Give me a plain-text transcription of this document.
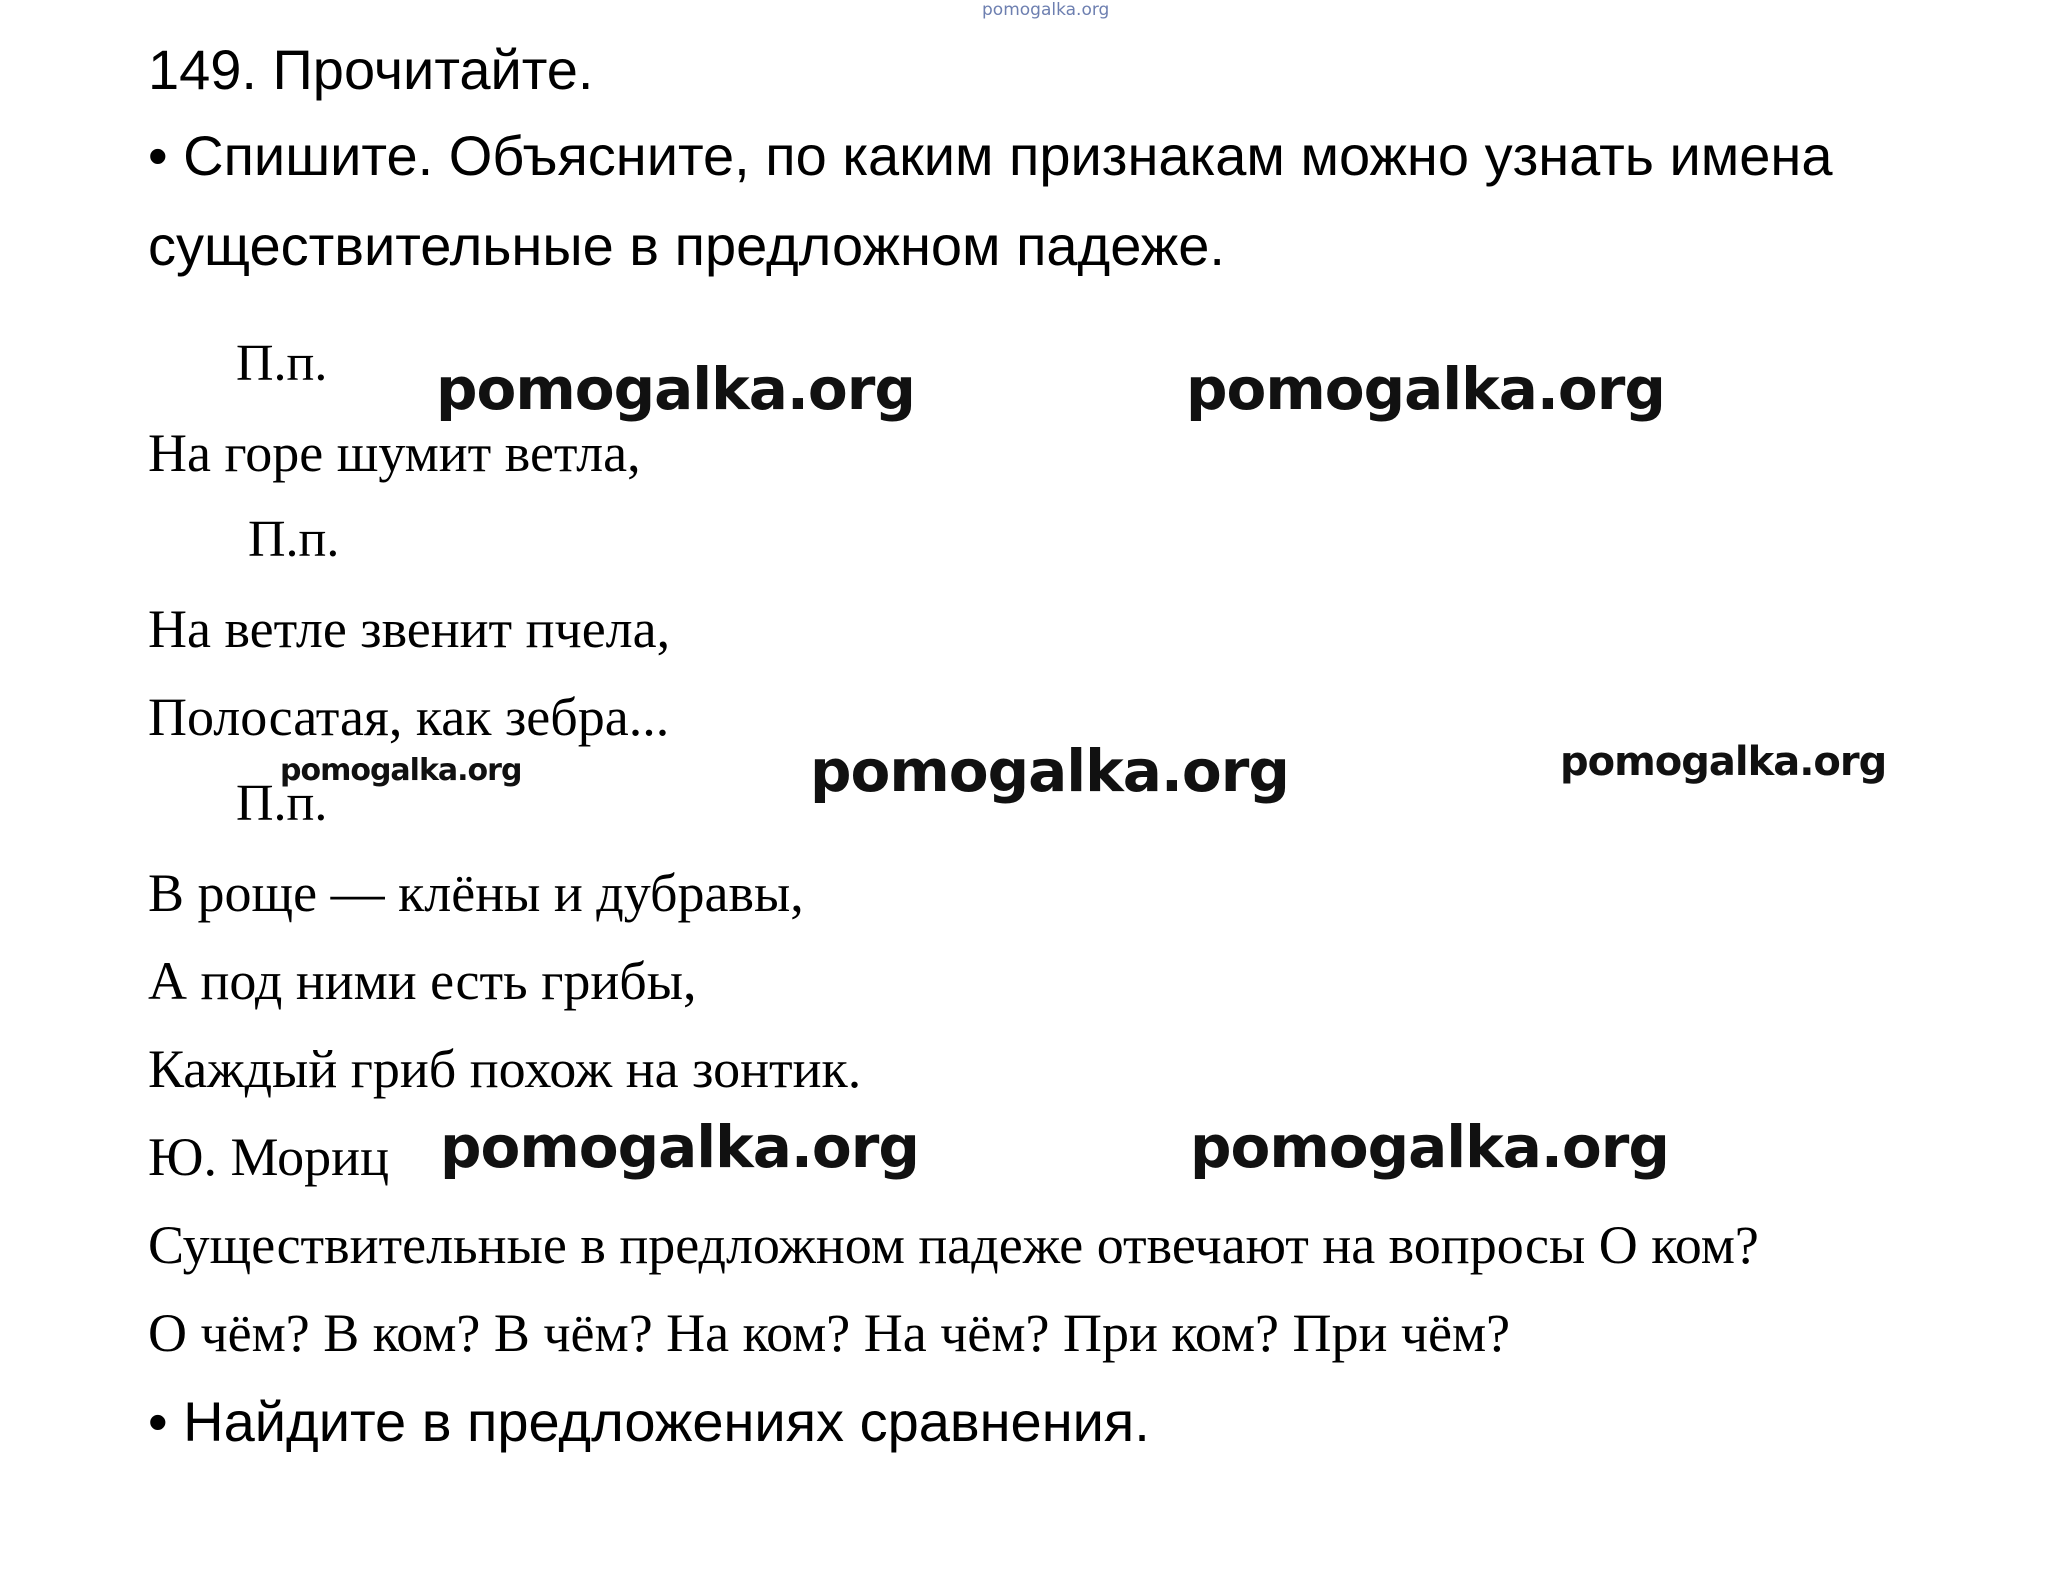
pomogalka.org
149. Прочитайте.
• Спишите. Объясните, по каким признакам можно узнать имена
существительные в предложном падеже.
П.п. pomogalka.org	pomogalka.org
На горе шумит ветла,
П.п.
На ветле звенит пчела,
Полосатая, как зебра...
pomogalka.org	pomogalka.org	pomogalka.org
П.п.
В роще — клёны и дубравы,
А под ними есть грибы,
Каждый гриб похож на зонтик.
Ю. Мориц pomogalka.org	pomogalka.org
Существительные в предложном падеже отвечают на вопросы О ком?
О чём? В ком? В чём? На ком? На чём? При ком? При чём?
• Найдите в предложениях сравнения.
